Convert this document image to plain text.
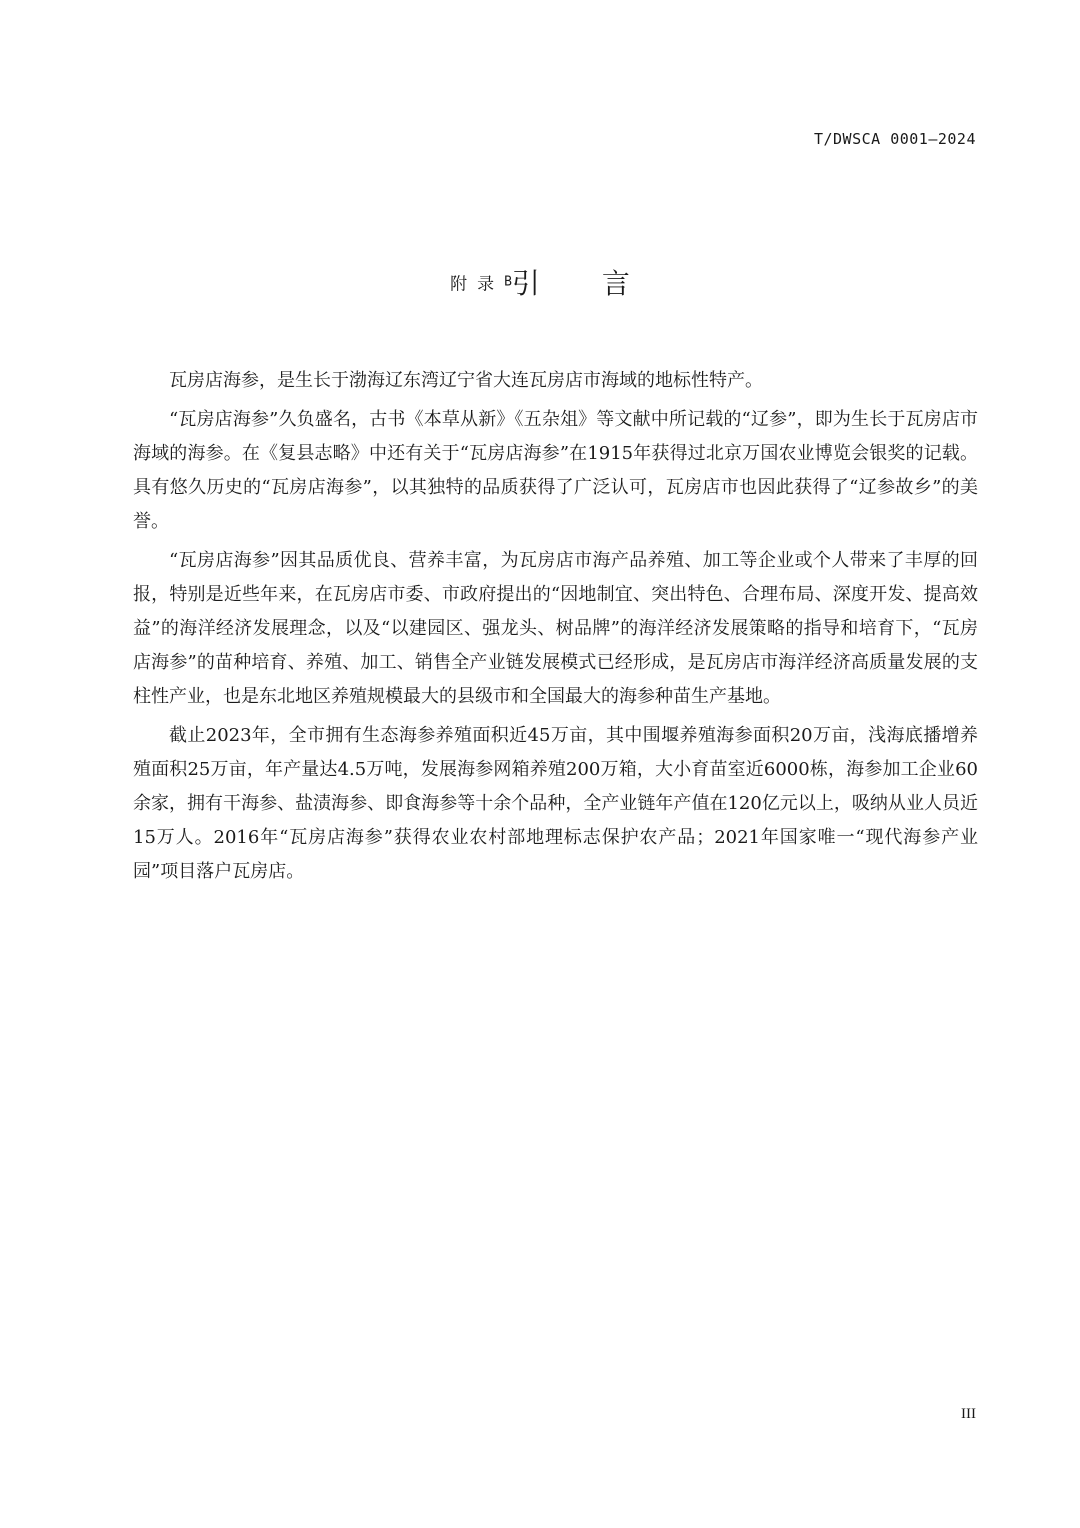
T/DWSCA 0001—2024
附录B引言

瓦房店海参，是生长于渤海辽东湾辽宁省大连瓦房店市海域的地标性特产。

“瓦房店海参”久负盛名，古书《本草从新》《五杂俎》等文献中所记载的“辽参”，即为生长于瓦房店市海域的海参。在《复县志略》中还有关于“瓦房店海参”在1915年获得过北京万国农业博览会银奖的记载。具有悠久历史的“瓦房店海参”，以其独特的品质获得了广泛认可，瓦房店市也因此获得了“辽参故乡”的美誉。

“瓦房店海参”因其品质优良、营养丰富，为瓦房店市海产品养殖、加工等企业或个人带来了丰厚的回报，特别是近些年来，在瓦房店市委、市政府提出的“因地制宜、突出特色、合理布局、深度开发、提高效益”的海洋经济发展理念，以及“以建园区、强龙头、树品牌”的海洋经济发展策略的指导和培育下，“瓦房店海参”的苗种培育、养殖、加工、销售全产业链发展模式已经形成，是瓦房店市海洋经济高质量发展的支柱性产业，也是东北地区养殖规模最大的县级市和全国最大的海参种苗生产基地。

截止2023年，全市拥有生态海参养殖面积近45万亩，其中围堰养殖海参面积20万亩，浅海底播增养殖面积25万亩，年产量达4.5万吨，发展海参网箱养殖200万箱，大小育苗室近6000栋，海参加工企业60余家，拥有干海参、盐渍海参、即食海参等十余个品种，全产业链年产值在120亿元以上，吸纳从业人员近15万人。2016年“瓦房店海参”获得农业农村部地理标志保护农产品；2021年国家唯一“现代海参产业园”项目落户瓦房店。

III
